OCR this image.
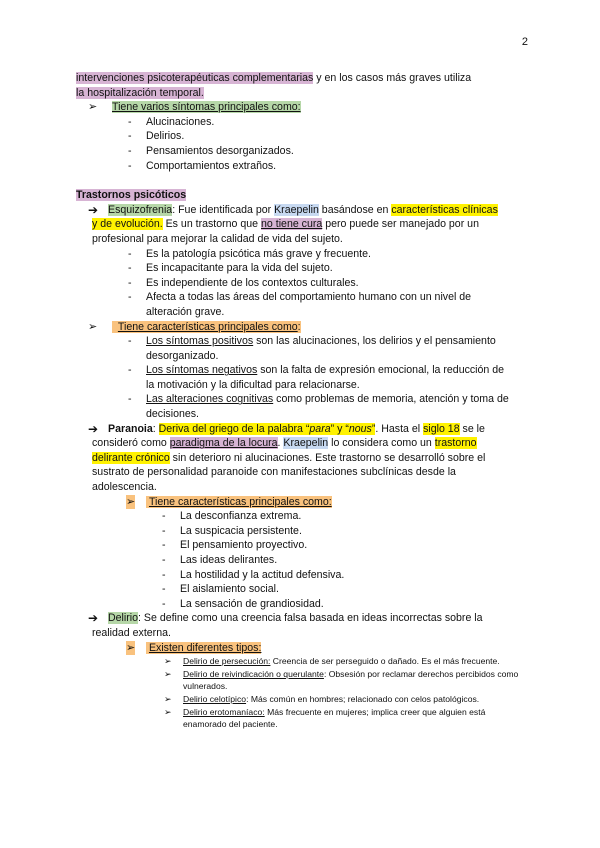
2
intervenciones psicoterapéuticas complementarias y en los casos más graves utiliza
la hospitalización temporal.
➢ Tiene varios síntomas principales como:
- Alucinaciones.
- Delirios.
- Pensamientos desorganizados.
- Comportamientos extraños.
Trastornos psicóticos
➔ Esquizofrenia: Fue identificada por Kraepelin basándose en características clínicas
y de evolución. Es un trastorno que no tiene cura pero puede ser manejado por un
profesional para mejorar la calidad de vida del sujeto.
- Es la patología psicótica más grave y frecuente.
- Es incapacitante para la vida del sujeto.
- Es independiente de los contextos culturales.
- Afecta a todas las áreas del comportamiento humano con un nivel de
alteración grave.
➢ Tiene características principales como:
- Los síntomas positivos son las alucinaciones, los delirios y el pensamiento
desorganizado.
- Los síntomas negativos son la falta de expresión emocional, la reducción de
la motivación y la dificultad para relacionarse.
- Las alteraciones cognitivas como problemas de memoria, atención y toma de
decisiones.
➔ Paranoia: Deriva del griego de la palabra “para” y “nous”. Hasta el siglo 18 se le
consideró como paradigma de la locura. Kraepelin lo considera como un trastorno
delirante crónico sin deterioro ni alucinaciones. Este trastorno se desarrolló sobre el
sustrato de personalidad paranoide con manifestaciones subclínicas desde la
adolescencia.
➢ Tiene características principales como:
- La desconfianza extrema.
- La suspicacia persistente.
- El pensamiento proyectivo.
- Las ideas delirantes.
- La hostilidad y la actitud defensiva.
- El aislamiento social.
- La sensación de grandiosidad.
➔ Delirio: Se define como una creencia falsa basada en ideas incorrectas sobre la
realidad externa.
➢ Existen diferentes tipos:
➢ Delirio de persecución: Creencia de ser perseguido o dañado. Es el más frecuente.
➢ Delirio de reivindicación o querulante: Obsesión por reclamar derechos percibidos como vulnerados.
➢ Delirio celotípico: Más común en hombres; relacionado con celos patológicos.
➢ Delirio erotomaníaco: Más frecuente en mujeres; implica creer que alguien está enamorado del paciente.
